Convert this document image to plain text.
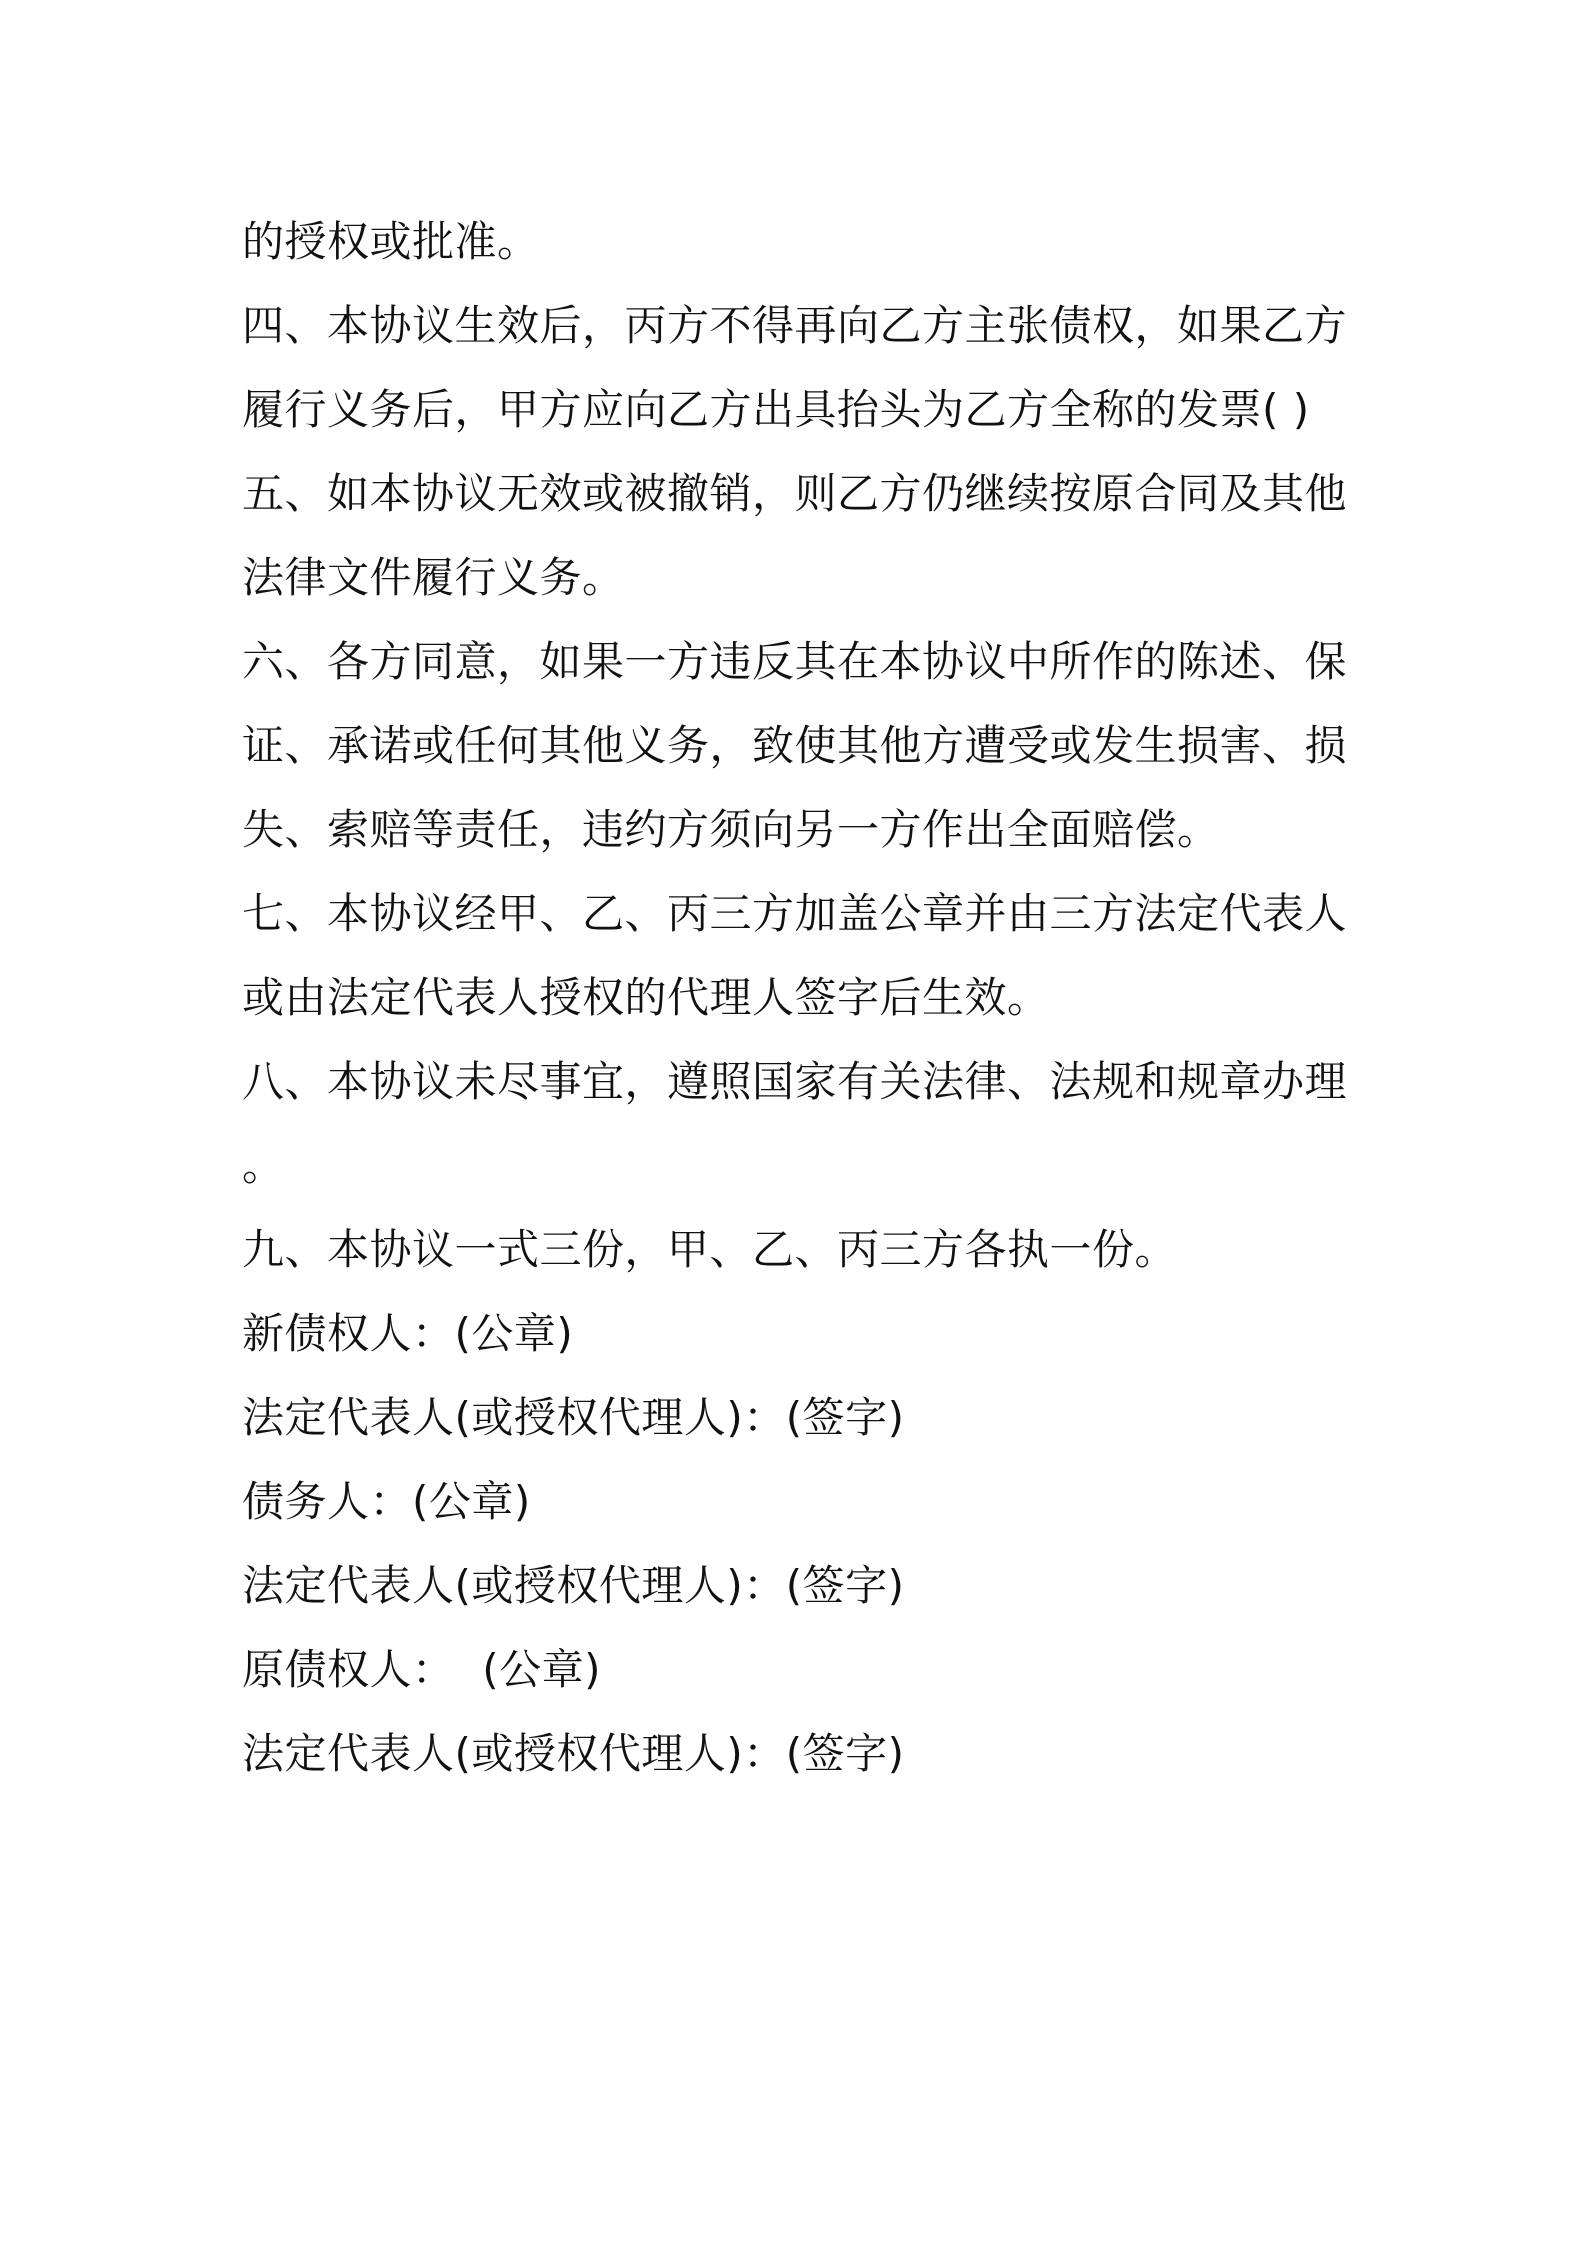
的授权或批准。
四、本协议生效后，丙方不得再向乙方主张债权，如果乙方
履行义务后，甲方应向乙方出具抬头为乙方全称的发票( )
五、如本协议无效或被撤销，则乙方仍继续按原合同及其他
法律文件履行义务。
六、各方同意，如果一方违反其在本协议中所作的陈述、保
证、承诺或任何其他义务，致使其他方遭受或发生损害、损
失、索赔等责任，违约方须向另一方作出全面赔偿。
七、本协议经甲、乙、丙三方加盖公章并由三方法定代表人
或由法定代表人授权的代理人签字后生效。
八、本协议未尽事宜，遵照国家有关法律、法规和规章办理
。
九、本协议一式三份，甲、乙、丙三方各执一份。
新债权人：(公章)
法定代表人(或授权代理人)：(签字)
债务人：(公章)
法定代表人(或授权代理人)：(签字)
原债权人：  (公章)
法定代表人(或授权代理人)：(签字)
